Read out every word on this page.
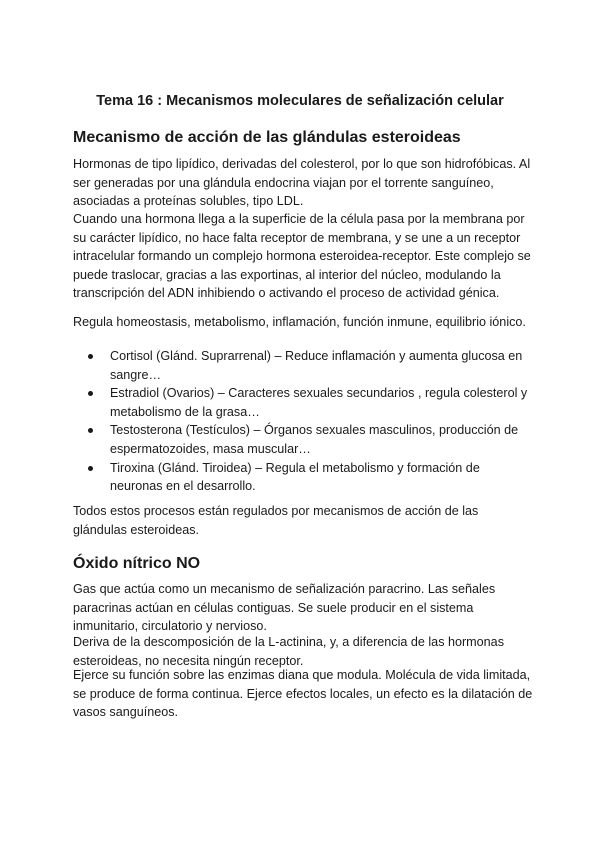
Tema 16 : Mecanismos moleculares de señalización celular
Mecanismo de acción de las glándulas esteroideas

Hormonas de tipo lipídico, derivadas del colesterol, por lo que son hidrofóbicas. Al ser generadas por una glándula endocrina viajan por el torrente sanguíneo, asociadas a proteínas solubles, tipo LDL.

Cuando una hormona llega a la superficie de la célula pasa por la membrana por su carácter lipídico, no hace falta receptor de membrana, y se une a un receptor intracelular formando un complejo hormona esteroidea-receptor. Este complejo se puede traslocar, gracias a las exportinas, al interior del núcleo, modulando la transcripción del ADN inhibiendo o activando el proceso de actividad génica.

Regula homeostasis, metabolismo, inflamación, función inmune, equilibrio iónico.

Cortisol (Glánd. Suprarrenal) – Reduce inflamación y aumenta glucosa en sangre…
Estradiol (Ovarios) – Caracteres sexuales secundarios , regula colesterol y metabolismo de la grasa…
Testosterona (Testículos) – Órganos sexuales masculinos, producción de espermatozoides, masa muscular…
Tiroxina (Glánd. Tiroidea) – Regula el metabolismo y formación de neuronas en el desarrollo.

Todos estos procesos están regulados por mecanismos de acción de las glándulas esteroideas.

Óxido nítrico NO

Gas que actúa como un mecanismo de señalización paracrino. Las señales paracrinas actúan en células contiguas. Se suele producir en el sistema inmunitario, circulatorio y nervioso.

Deriva de la descomposición de la L-actinina, y, a diferencia de las hormonas esteroideas, no necesita ningún receptor.

Ejerce su función sobre las enzimas diana que modula. Molécula de vida limitada, se produce de forma continua. Ejerce efectos locales, un efecto es la dilatación de vasos sanguíneos.
